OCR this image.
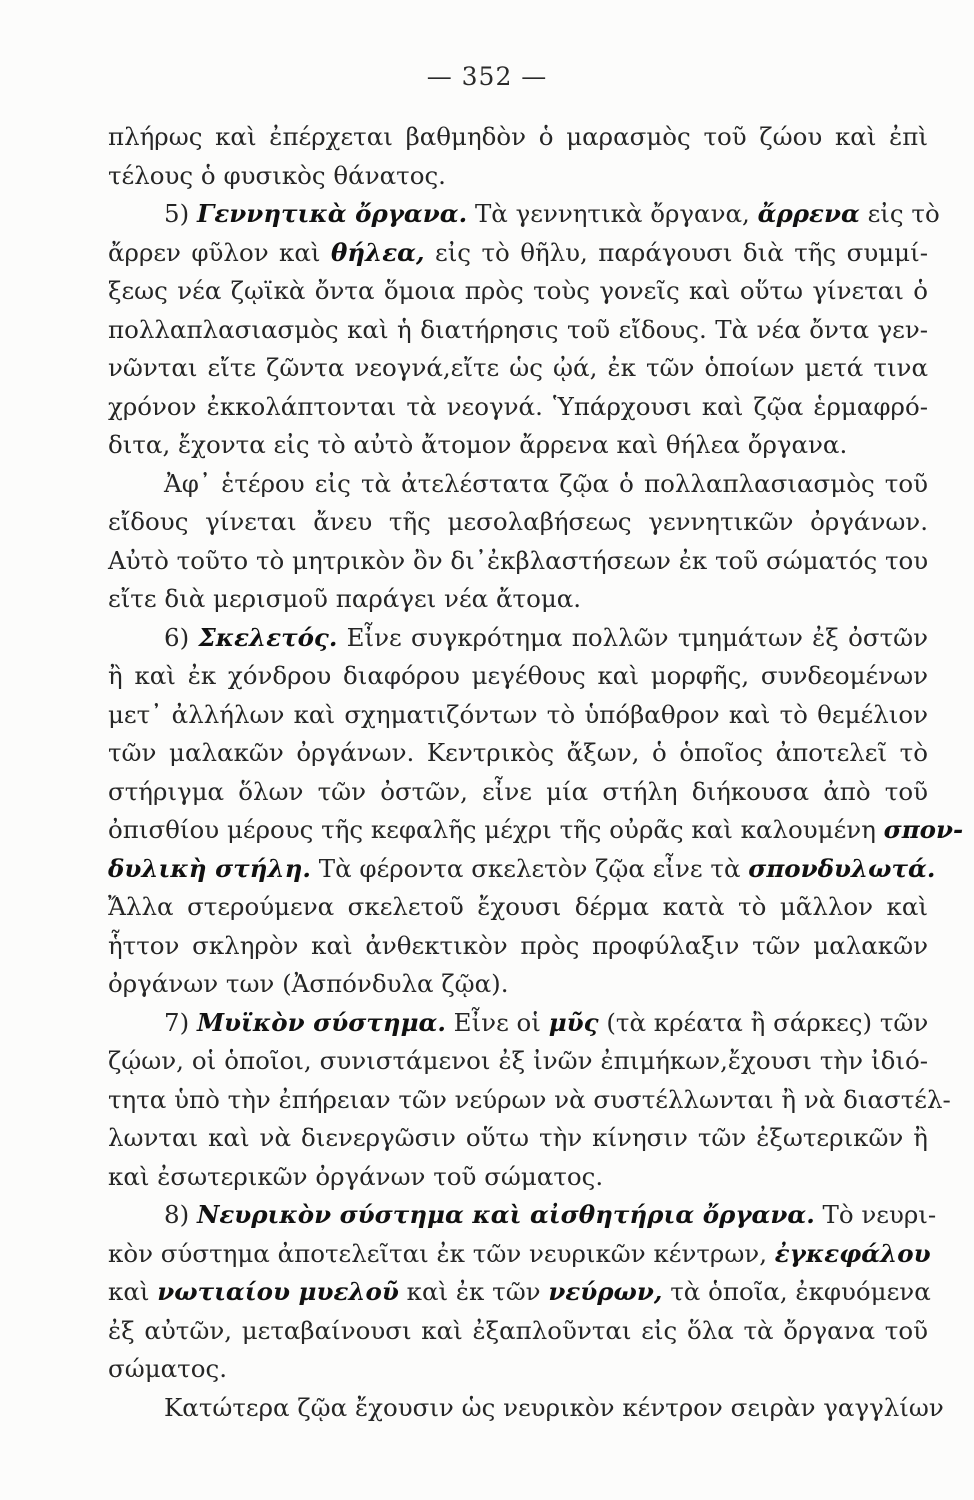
— 352 —
πλήρως καὶ ἐπέρχεται βαθμηδὸν ὁ μαρασμὸς τοῦ ζώου καὶ ἐπὶ
τέλους ὁ φυσικὸς θάνατος.
5) Γεννητικὰ ὄργανα. Τὰ γεννητικὰ ὄργανα, ἄρρενα εἰς τὸ
ἄρρεν φῦλον καὶ θήλεα, εἰς τὸ θῆλυ, παράγουσι διὰ τῆς συμμί-
ξεως νέα ζῳϊκὰ ὄντα ὅμοια πρὸς τοὺς γονεῖς καὶ οὕτω γίνεται ὁ
πολλαπλασιασμὸς καὶ ἡ διατήρησις τοῦ εἴδους. Τὰ νέα ὄντα γεν-
νῶνται εἴτε ζῶντα νεογνά,εἴτε ὡς ᾠά, ἐκ τῶν ὁποίων μετά τινα
χρόνον ἐκκολάπτονται τὰ νεογνά. Ὑπάρχουσι καὶ ζῷα ἑρμαφρό-
διτα, ἔχοντα εἰς τὸ αὐτὸ ἄτομον ἄρρενα καὶ θήλεα ὄργανα.
Ἀφ᾽ ἑτέρου εἰς τὰ ἀτελέστατα ζῷα ὁ πολλαπλασιασμὸς τοῦ
εἴδους γίνεται ἄνευ τῆς μεσολαβήσεως γεννητικῶν ὀργάνων.
Αὐτὸ τοῦτο τὸ μητρικὸν ὂν δι᾽ἐκβλαστήσεων ἐκ τοῦ σώματός του
εἴτε διὰ μερισμοῦ παράγει νέα ἄτομα.
6) Σκελετός. Εἶνε συγκρότημα πολλῶν τμημάτων ἐξ ὀστῶν
ἢ καὶ ἐκ χόνδρου διαφόρου μεγέθους καὶ μορφῆς, συνδεομένων
μετ᾽ ἀλλήλων καὶ σχηματιζόντων τὸ ὑπόβαθρον καὶ τὸ θεμέλιον
τῶν μαλακῶν ὀργάνων. Κεντρικὸς ἄξων, ὁ ὁποῖος ἀποτελεῖ τὸ
στήριγμα ὅλων τῶν ὀστῶν, εἶνε μία στήλη διήκουσα ἀπὸ τοῦ
ὀπισθίου μέρους τῆς κεφαλῆς μέχρι τῆς οὐρᾶς καὶ καλουμένη σπον-
δυλικὴ στήλη. Τὰ φέροντα σκελετὸν ζῷα εἶνε τὰ σπονδυλωτά.
Ἄλλα στερούμενα σκελετοῦ ἔχουσι δέρμα κατὰ τὸ μᾶλλον καὶ
ἧττον σκληρὸν καὶ ἀνθεκτικὸν πρὸς προφύλαξιν τῶν μαλακῶν
ὀργάνων των (Ἀσπόνδυλα ζῷα).
7) Μυϊκὸν σύστημα. Εἶνε οἱ μῦς (τὰ κρέατα ἢ σάρκες) τῶν
ζῴων, οἱ ὁποῖοι, συνιστάμενοι ἐξ ἰνῶν ἐπιμήκων,ἔχουσι τὴν ἰδιό-
τητα ὑπὸ τὴν ἐπήρειαν τῶν νεύρων νὰ συστέλλωνται ἢ νὰ διαστέλ-
λωνται καὶ νὰ διενεργῶσιν οὕτω τὴν κίνησιν τῶν ἐξωτερικῶν ἢ
καὶ ἐσωτερικῶν ὀργάνων τοῦ σώματος.
8) Νευρικὸν σύστημα καὶ αἰσθητήρια ὄργανα. Τὸ νευρι-
κὸν σύστημα ἀποτελεῖται ἐκ τῶν νευρικῶν κέντρων, ἐγκεφάλου
καὶ νωτιαίου μυελοῦ καὶ ἐκ τῶν νεύρων, τὰ ὁποῖα, ἐκφυόμενα
ἐξ αὐτῶν, μεταβαίνουσι καὶ ἐξαπλοῦνται εἰς ὅλα τὰ ὄργανα τοῦ
σώματος.
Κατώτερα ζῷα ἔχουσιν ὡς νευρικὸν κέντρον σειρὰν γαγγλίων
